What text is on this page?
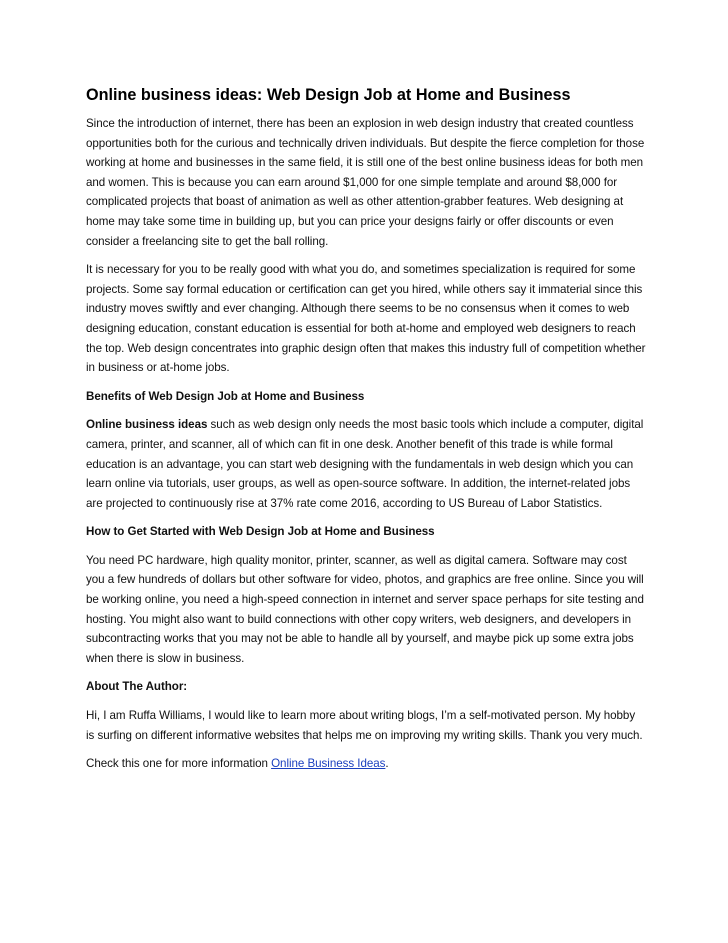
Online business ideas: Web Design Job at Home and Business

Since the introduction of internet, there has been an explosion in web design industry that created countless opportunities both for the curious and technically driven individuals. But despite the fierce completion for those working at home and businesses in the same field, it is still one of the best online business ideas for both men and women. This is because you can earn around $1,000 for one simple template and around $8,000 for complicated projects that boast of animation as well as other attention-grabber features. Web designing at home may take some time in building up, but you can price your designs fairly or offer discounts or even consider a freelancing site to get the ball rolling.

It is necessary for you to be really good with what you do, and sometimes specialization is required for some projects. Some say formal education or certification can get you hired, while others say it immaterial since this industry moves swiftly and ever changing. Although there seems to be no consensus when it comes to web designing education, constant education is essential for both at-home and employed web designers to reach the top. Web design concentrates into graphic design often that makes this industry full of competition whether in business or at-home jobs.

Benefits of Web Design Job at Home and Business

Online business ideas such as web design only needs the most basic tools which include a computer, digital camera, printer, and scanner, all of which can fit in one desk. Another benefit of this trade is while formal education is an advantage, you can start web designing with the fundamentals in web design which you can learn online via tutorials, user groups, as well as open-source software. In addition, the internet-related jobs are projected to continuously rise at 37% rate come 2016, according to US Bureau of Labor Statistics.

How to Get Started with Web Design Job at Home and Business

You need PC hardware, high quality monitor, printer, scanner, as well as digital camera. Software may cost you a few hundreds of dollars but other software for video, photos, and graphics are free online. Since you will be working online, you need a high-speed connection in internet and server space perhaps for site testing and hosting. You might also want to build connections with other copy writers, web designers, and developers in subcontracting works that you may not be able to handle all by yourself, and maybe pick up some extra jobs when there is slow in business.

About The Author:

Hi, I am Ruffa Williams, I would like to learn more about writing blogs, I’m a self-motivated person. My hobby is surfing on different informative websites that helps me on improving my writing skills. Thank you very much.

Check this one for more information Online Business Ideas.
